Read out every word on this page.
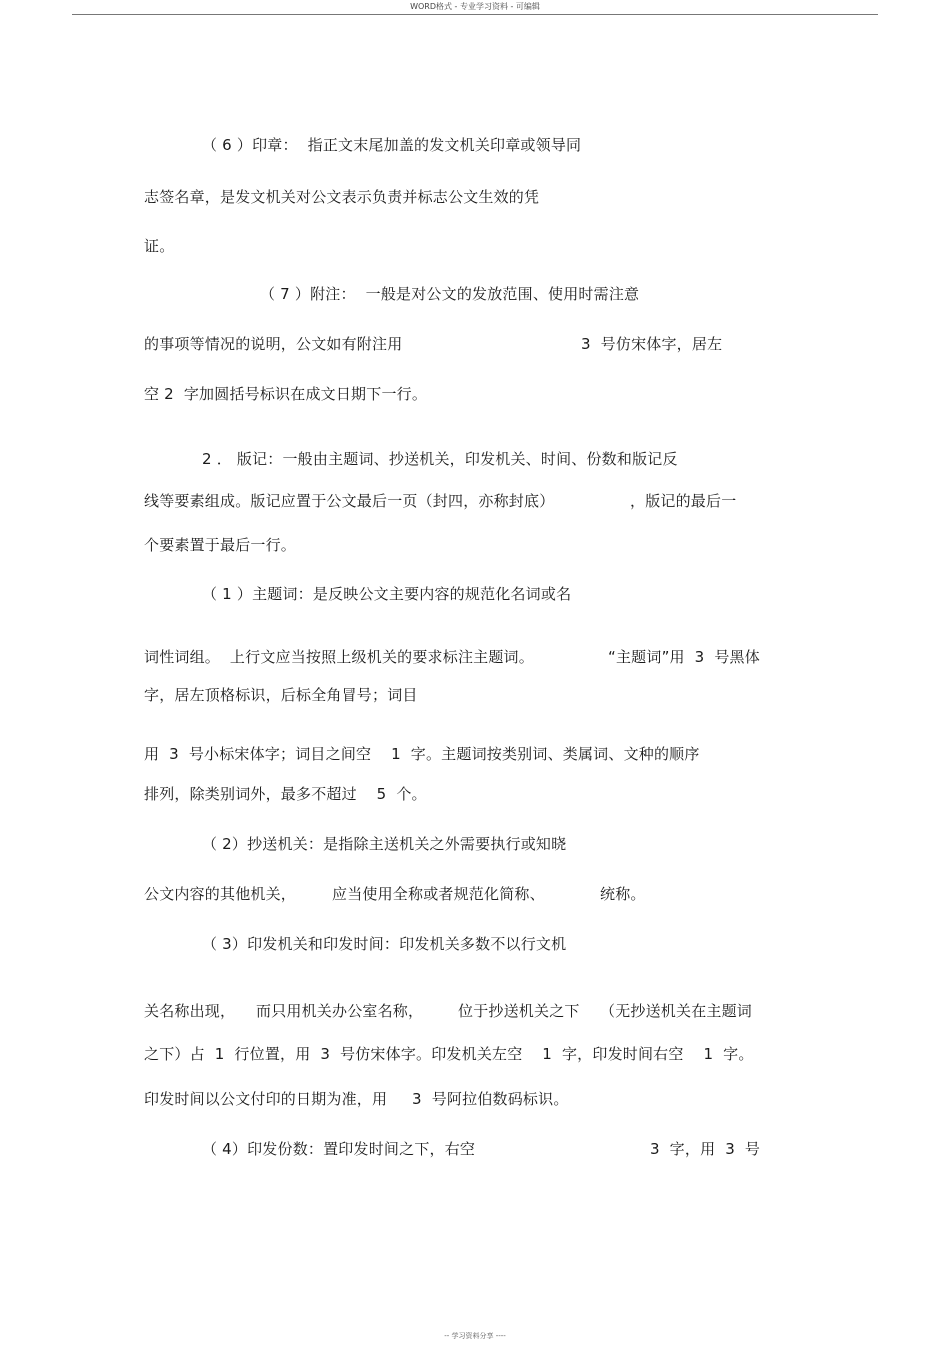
WORD格式 - 专业学习资料 - 可编辑
（ 6 ）印章：  指正文末尾加盖的发文机关印章或领导同
志签名章，是发文机关对公文表示负责并标志公文生效的凭
证。
（ 7 ）附注：  一般是对公文的发放范围、使用时需注意
的事项等情况的说明，公文如有附注用	3  号仿宋体字，居左
空 2  字加圆括号标识在成文日期下一行。
2 ． 版记：一般由主题词、抄送机关，印发机关、时间、份数和版记反
线等要素组成。版记应置于公文最后一页（封四，亦称封底）	，版记的最后一
个要素置于最后一行。
（ 1 ）主题词：是反映公文主要内容的规范化名词或名
词性词组。  上行文应当按照上级机关的要求标注主题词。	“主题词”用  3  号黑体
字，居左顶格标识，后标全角冒号；词目
用  3  号小标宋体字；词目之间空    1  字。主题词按类别词、类属词、文种的顺序
排列，除类别词外，最多不超过    5  个。
（ 2）抄送机关：是指除主送机关之外需要执行或知晓
公文内容的其他机关， 应当使用全称或者规范化简称、	统称。
（ 3）印发机关和印发时间：印发机关多数不以行文机
关名称出现， 而只用机关办公室名称， 位于抄送机关之下 （无抄送机关在主题词
之下）占  1  行位置，用  3  号仿宋体字。印发机关左空    1  字，印发时间右空    1  字。
印发时间以公文付印的日期为准，用     3  号阿拉伯数码标识。
（ 4）印发份数：置印发时间之下，右空	3  字，用  3  号
-- 学习资料分享 ----
